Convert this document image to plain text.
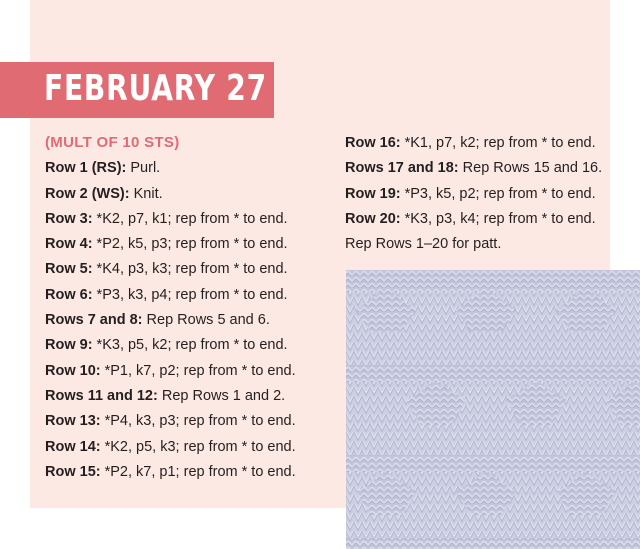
FEBRUARY 27
(MULT OF 10 STS)
Row 1 (RS): Purl.
Row 2 (WS): Knit.
Row 3: *K2, p7, k1; rep from * to end.
Row 4: *P2, k5, p3; rep from * to end.
Row 5: *K4, p3, k3; rep from * to end.
Row 6: *P3, k3, p4; rep from * to end.
Rows 7 and 8: Rep Rows 5 and 6.
Row 9: *K3, p5, k2; rep from * to end.
Row 10: *P1, k7, p2; rep from * to end.
Rows 11 and 12: Rep Rows 1 and 2.
Row 13: *P4, k3, p3; rep from * to end.
Row 14: *K2, p5, k3; rep from * to end.
Row 15: *P2, k7, p1; rep from * to end.
Row 16: *K1, p7, k2; rep from * to end.
Rows 17 and 18: Rep Rows 15 and 16.
Row 19: *P3, k5, p2; rep from * to end.
Row 20: *K3, p3, k4; rep from * to end.
Rep Rows 1–20 for patt.
